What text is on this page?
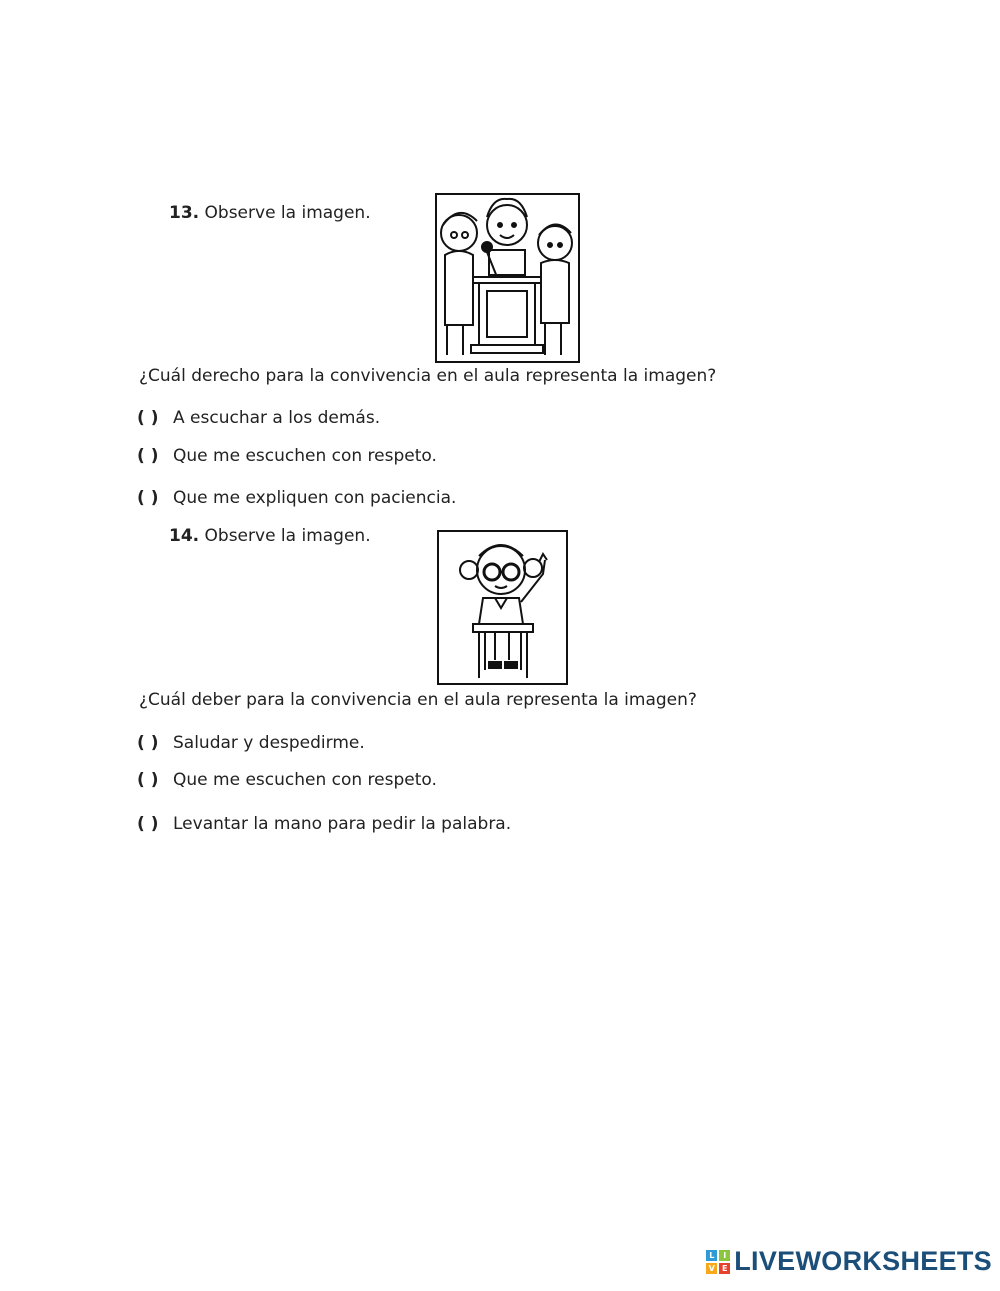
13. Observe la imagen.
¿Cuál derecho para la convivencia en el aula representa la imagen?
( ) A escuchar a los demás.
( ) Que me escuchen con respeto.
( ) Que me expliquen con paciencia.
14. Observe la imagen.
¿Cuál deber para la convivencia en el aula representa la imagen?
( ) Saludar y despedirme.
( ) Que me escuchen con respeto.
( ) Levantar la mano para pedir la palabra.
L	I
V E LIVEWORKSHEETS
